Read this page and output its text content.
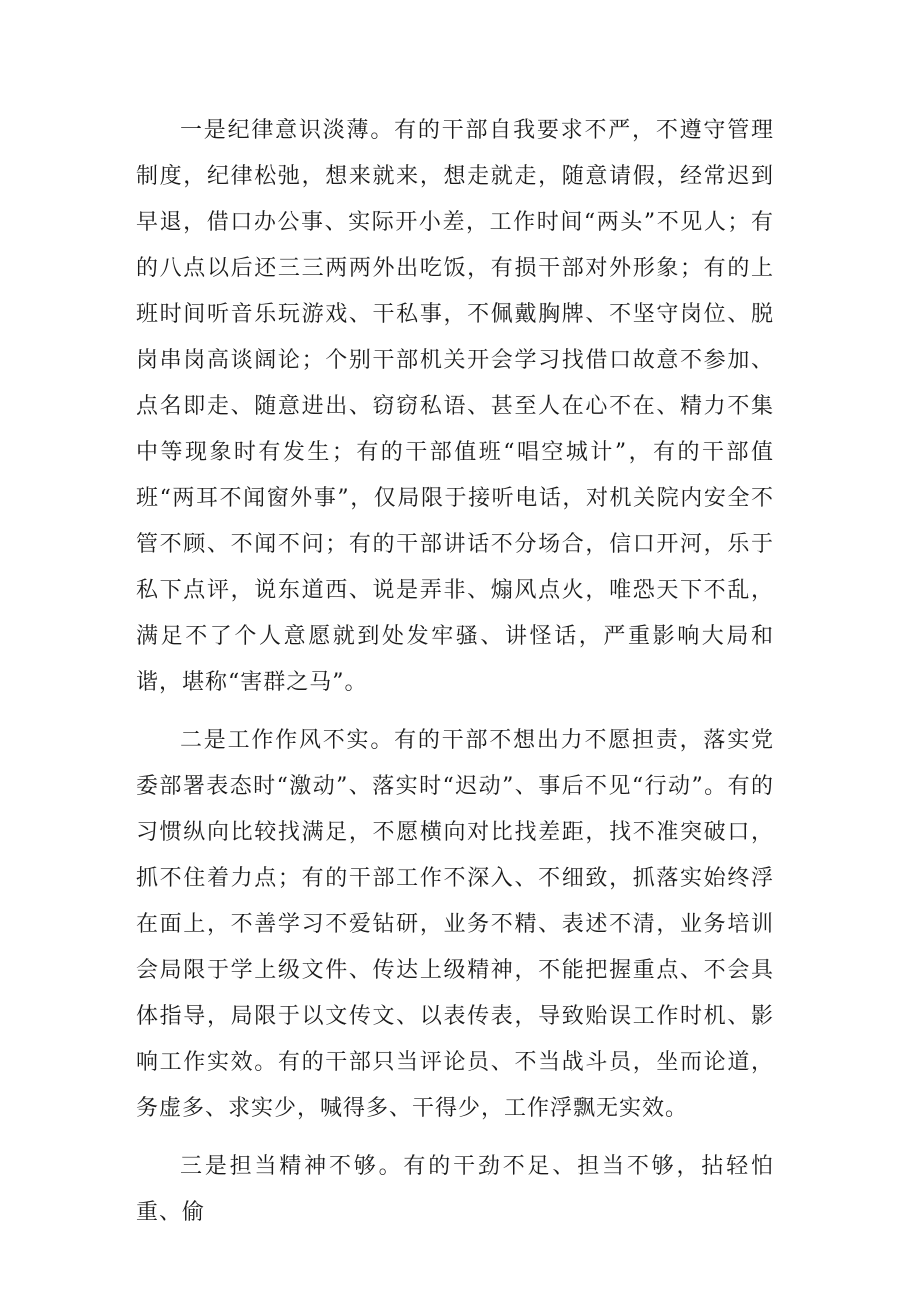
一是纪律意识淡薄。有的干部自我要求不严，不遵守管理制度，纪律松弛，想来就来，想走就走，随意请假，经常迟到早退，借口办公事、实际开小差，工作时间“两头”不见人；有的八点以后还三三两两外出吃饭，有损干部对外形象；有的上班时间听音乐玩游戏、干私事，不佩戴胸牌、不坚守岗位、脱岗串岗高谈阔论；个别干部机关开会学习找借口故意不参加、点名即走、随意进出、窃窃私语、甚至人在心不在、精力不集中等现象时有发生；有的干部值班“唱空城计”，有的干部值班“两耳不闻窗外事”，仅局限于接听电话，对机关院内安全不管不顾、不闻不问；有的干部讲话不分场合，信口开河，乐于私下点评，说东道西、说是弄非、煽风点火，唯恐天下不乱，满足不了个人意愿就到处发牢骚、讲怪话，严重影响大局和谐，堪称“害群之马”。

二是工作作风不实。有的干部不想出力不愿担责，落实党委部署表态时“激动”、落实时“迟动”、事后不见“行动”。有的习惯纵向比较找满足，不愿横向对比找差距，找不准突破口，抓不住着力点；有的干部工作不深入、不细致，抓落实始终浮在面上，不善学习不爱钻研，业务不精、表述不清，业务培训会局限于学上级文件、传达上级精神，不能把握重点、不会具体指导，局限于以文传文、以表传表，导致贻误工作时机、影响工作实效。有的干部只当评论员、不当战斗员，坐而论道，务虚多、求实少，喊得多、干得少，工作浮飘无实效。

三是担当精神不够。有的干劲不足、担当不够，拈轻怕重、偷
